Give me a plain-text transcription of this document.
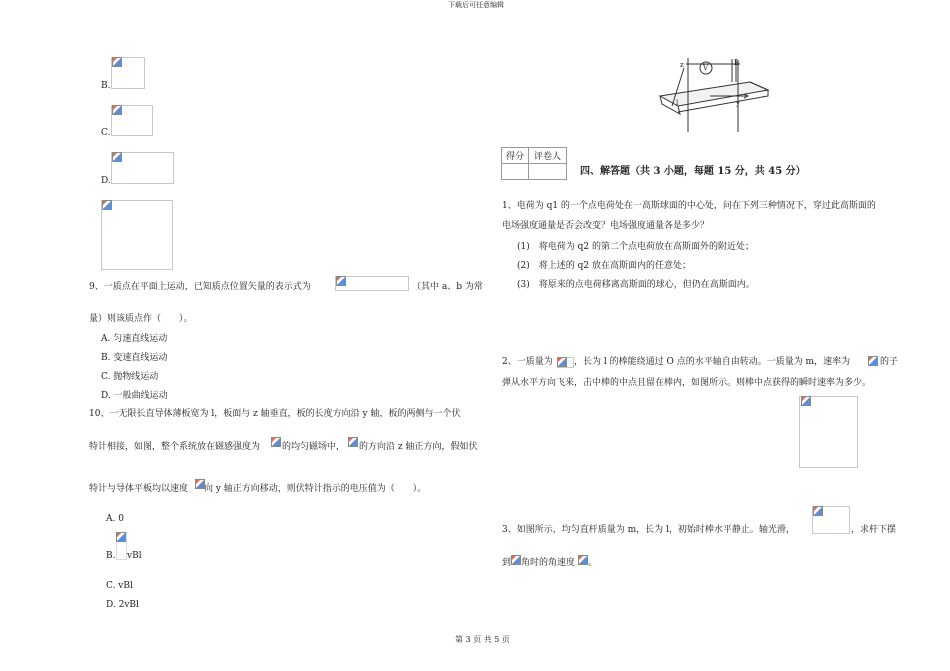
下载后可任意编辑
B.
C.
D.
9、一质点在平面上运动，已知质点位置矢量的表示式为	（其中 a、b 为常
量）则该质点作（　　）。
A. 匀速直线运动
B. 变速直线运动
C. 抛物线运动
D. 一般曲线运动
10、一无限长直导体薄板宽为 l，板面与 z 轴垂直，板的长度方向沿 y 轴，板的两侧与一个伏
特计相接，如图，整个系统放在磁感强度为 的均匀磁场中， 的方向沿 z 轴正方向，假如伏
特计与导体平板均以速度 向 y 轴正方向移动，则伏特计指示的电压值为（　　）。
A. 0
B. vBl
C. vBl
D. 2vBl
z	V
B
y
l
得分	评卷人

四、解答题（共 3 小题，每题 15 分，共 45 分）
1、电荷为 q1 的一个点电荷处在一高斯球面的中心处，问在下列三种情况下，穿过此高斯面的
电场强度通量是否会改变？电场强度通量各是多少？
(1)　将电荷为 q2 的第二个点电荷放在高斯面外的附近处；
(2)　将上述的 q2 放在高斯面内的任意处；
(3)　将原来的点电荷移离高斯面的球心，但仍在高斯面内。
2、一质量为 ，长为 l 的棒能绕通过 O 点的水平轴自由转动。一质量为 m，速率为	的子
弹从水平方向飞来，击中棒的中点且留在棒内，如图所示。则棒中点获得的瞬时速率为多少。
3、如图所示，均匀直杆质量为 m，长为 l，初始时棒水平静止。轴光滑，	，求杆下摆
到 角时的角速度 。
第 3 页 共 5 页
